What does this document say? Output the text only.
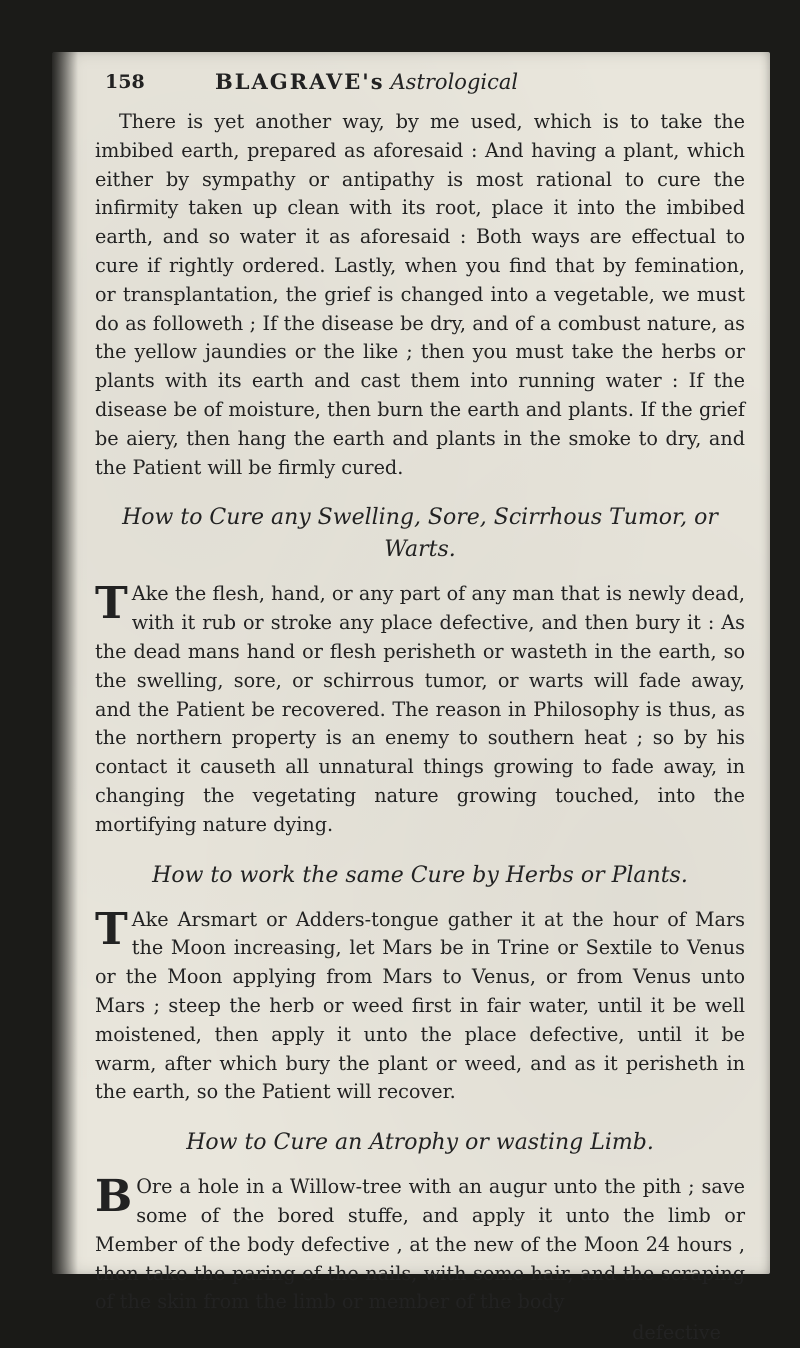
158	BLAGRAVE's Astrological

There is yet another way, by me used, which is to take the imbibed earth, prepared as aforesaid : And having a plant, which either by sympathy or antipathy is most rational to cure the infirmity taken up clean with its root, place it into the imbibed earth, and so water it as aforesaid : Both ways are effectual to cure if rightly ordered. Lastly, when you find that by femination, or transplantation, the grief is changed into a vegetable, we must do as followeth ; If the disease be dry, and of a combust nature, as the yellow jaundies or the like ; then you must take the herbs or plants with its earth and cast them into running water : If the disease be of moisture, then burn the earth and plants. If the grief be aiery, then hang the earth and plants in the smoke to dry, and the Patient will be firmly cured.

How to Cure any Swelling, Sore, Scirrhous Tumor, or Warts.

T Ake the flesh, hand, or any part of any man that is newly dead, with it rub or stroke any place defective, and then bury it : As the dead mans hand or flesh perisheth or wasteth in the earth, so the swelling, sore, or schirrous tumor, or warts will fade away, and the Patient be recovered. The reason in Philosophy is thus, as the northern property is an enemy to southern heat ; so by his contact it causeth all unnatural things growing to fade away, in changing the vegetating nature growing touched, into the mortifying nature dying.

How to work the same Cure by Herbs or Plants.

T Ake Arsmart or Adders-tongue gather it at the hour of Mars the Moon increasing, let Mars be in Trine or Sextile to Venus or the Moon applying from Mars to Venus, or from Venus unto Mars ; steep the herb or weed first in fair water, until it be well moistened, then apply it unto the place defective, until it be warm, after which bury the plant or weed, and as it perisheth in the earth, so the Patient will recover.

How to Cure an Atrophy or wasting Limb.

B Ore a hole in a Willow-tree with an augur unto the pith ; save some of the bored stuffe, and apply it unto the limb or Member of the body defective , at the new of the Moon 24 hours , then take the paring of the nails, with some hair, and the scraping of the skin from the limb or member of the body

defective
